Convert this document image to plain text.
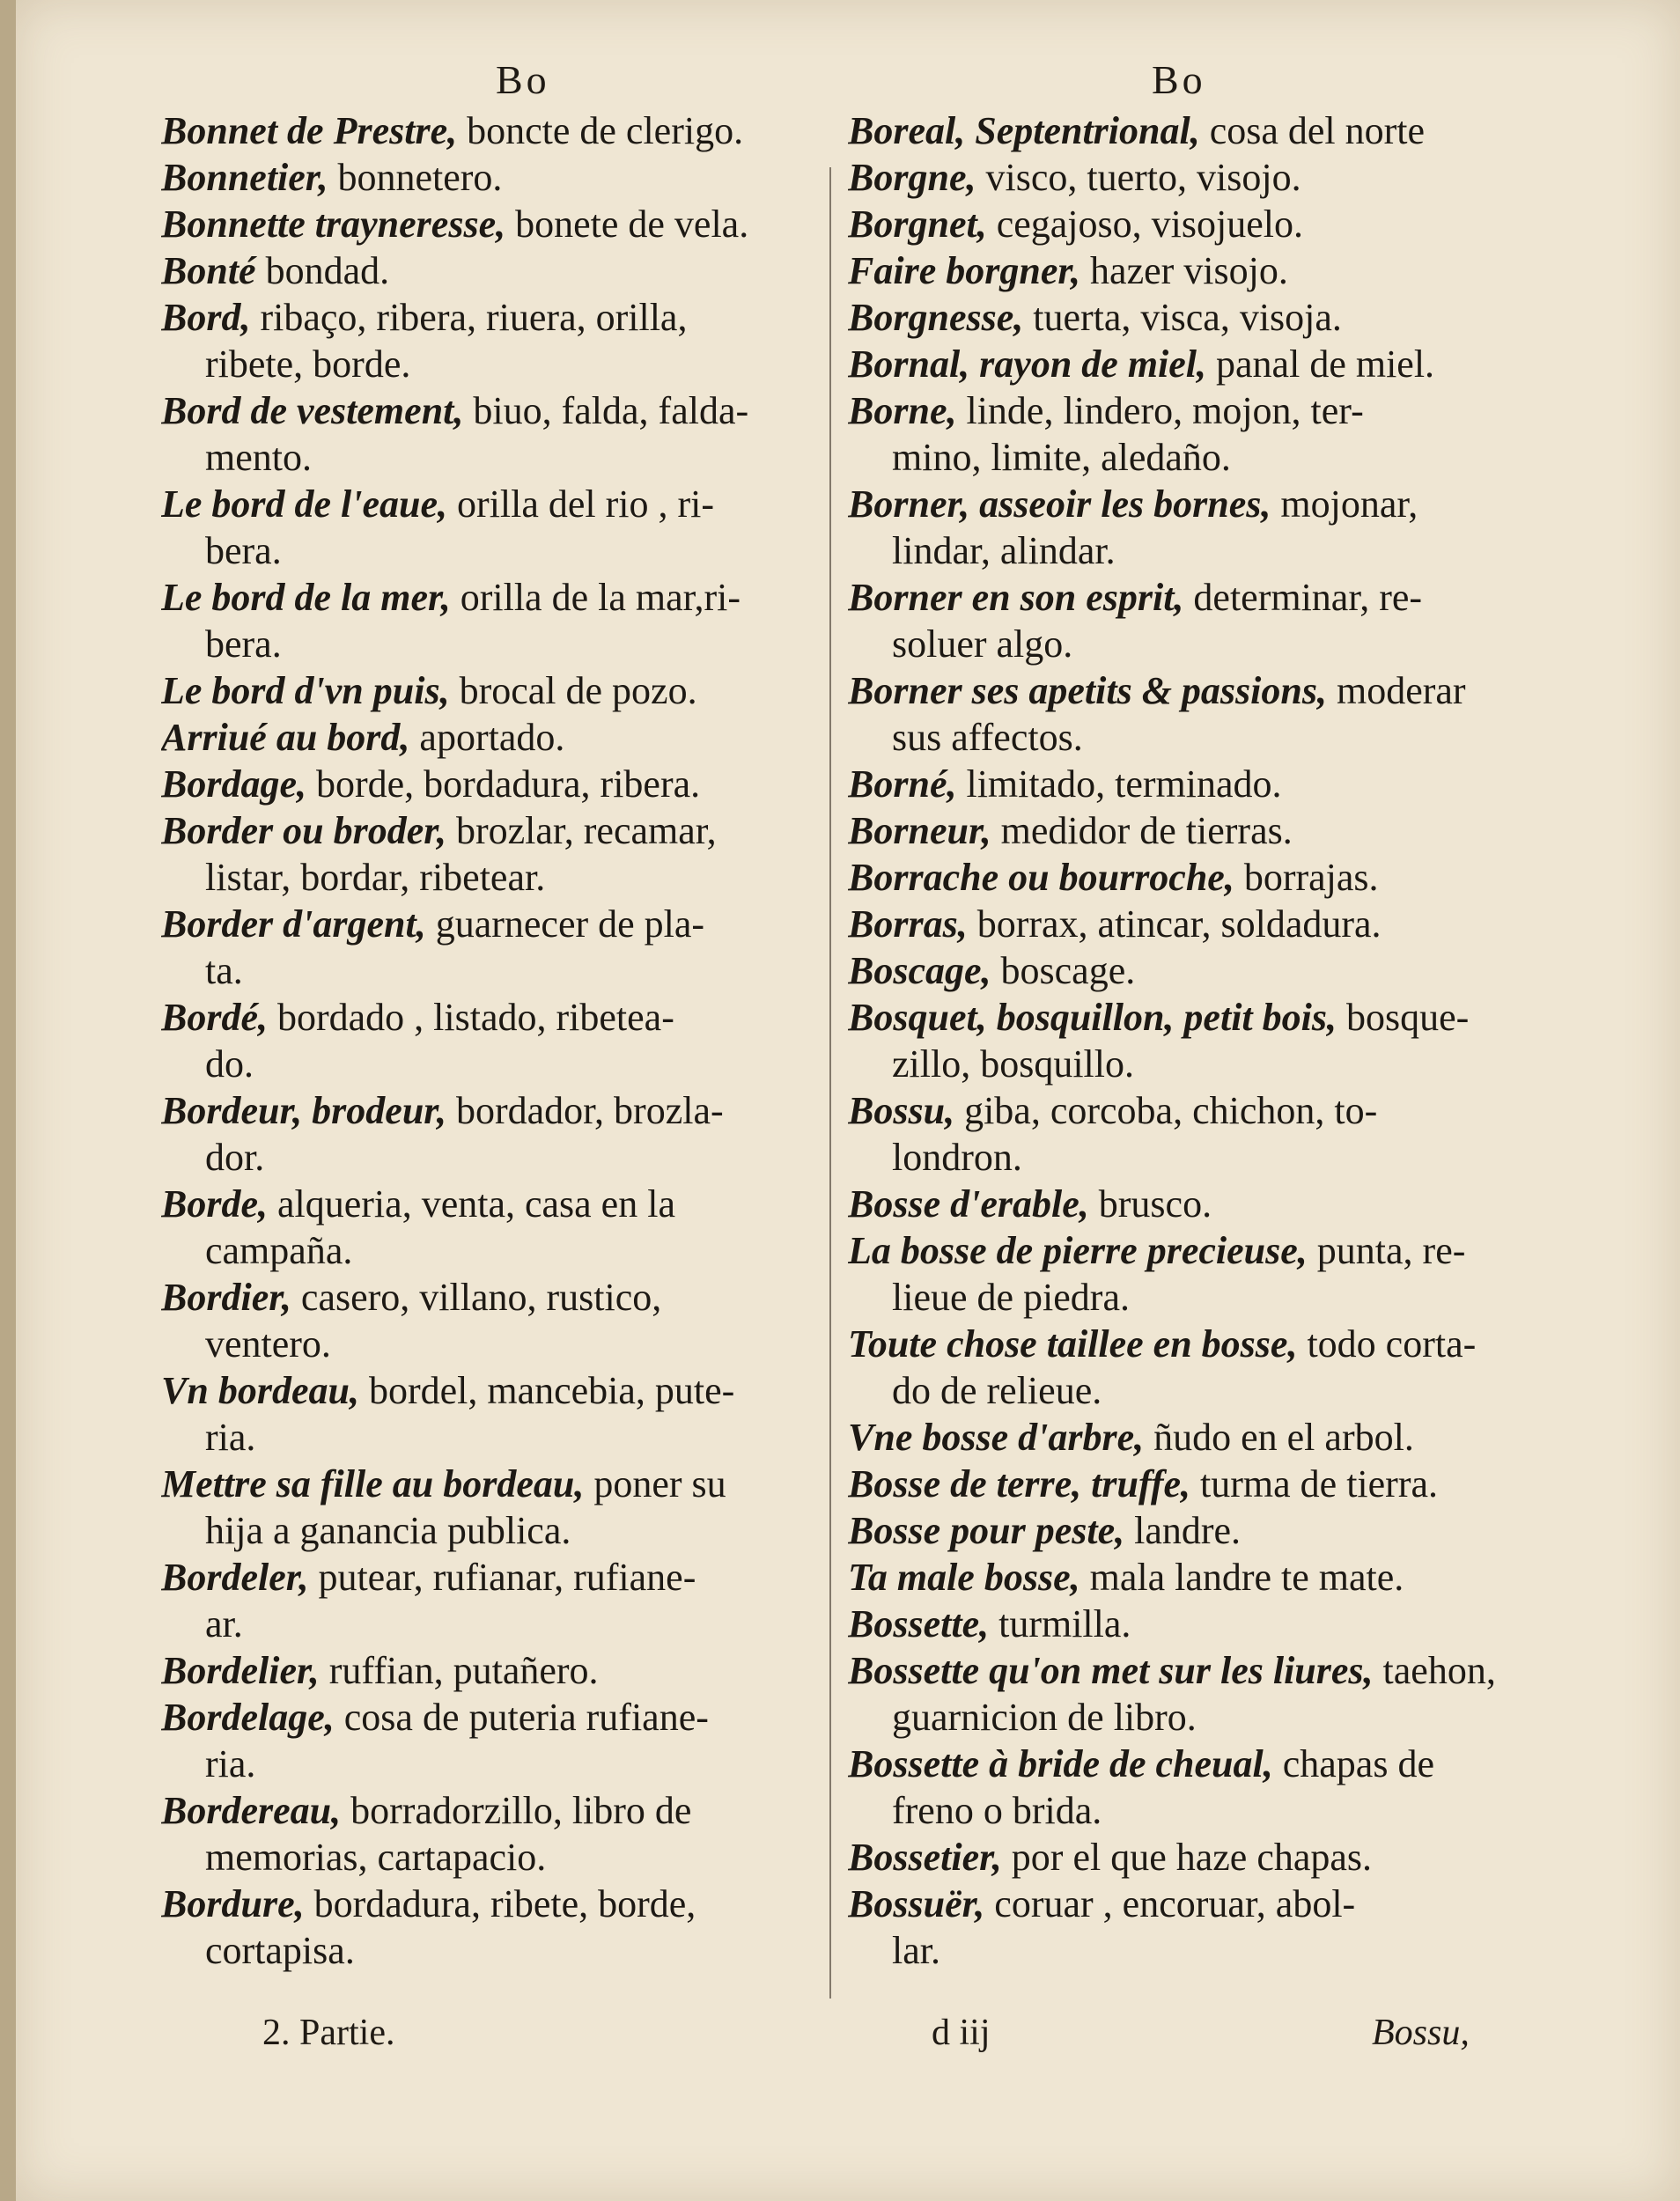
Bo	Bo
Bonnet de Prestre, boncte de clerigo.
Bonnetier, bonnetero.
Bonnette trayneresse, bonete de vela.
Bonté bondad.
Bord, ribaço, ribera, riuera, orilla,
ribete, borde.
Bord de vestement, biuo, falda, falda-
mento.
Le bord de l'eaue, orilla del rio , ri-
bera.
Le bord de la mer, orilla de la mar,ri-
bera.
Le bord d'vn puis, brocal de pozo.
Arriué au bord, aportado.
Bordage, borde, bordadura, ribera.
Border ou broder, brozlar, recamar,
listar, bordar, ribetear.
Border d'argent, guarnecer de pla-
ta.
Bordé, bordado , listado, ribetea-
do.
Bordeur, brodeur, bordador, brozla-
dor.
Borde, alqueria, venta, casa en la
campaña.
Bordier, casero, villano, rustico,
ventero.
Vn bordeau, bordel, mancebia, pute-
ria.
Mettre sa fille au bordeau, poner su
hija a ganancia publica.
Bordeler, putear, rufianar, rufiane-
ar.
Bordelier, ruffian, putañero.
Bordelage, cosa de puteria rufiane-
ria.
Bordereau, borradorzillo, libro de
memorias, cartapacio.
Bordure, bordadura, ribete, borde,
cortapisa.
Boreal, Septentrional, cosa del norte
Borgne, visco, tuerto, visojo.
Borgnet, cegajoso, visojuelo.
Faire borgner, hazer visojo.
Borgnesse, tuerta, visca, visoja.
Bornal, rayon de miel, panal de miel.
Borne, linde, lindero, mojon, ter-
mino, limite, aledaño.
Borner, asseoir les bornes, mojonar,
lindar, alindar.
Borner en son esprit, determinar, re-
soluer algo.
Borner ses apetits & passions, moderar
sus affectos.
Borné, limitado, terminado.
Borneur, medidor de tierras.
Borrache ou bourroche, borrajas.
Borras, borrax, atincar, soldadura.
Boscage, boscage.
Bosquet, bosquillon, petit bois, bosque-
zillo, bosquillo.
Bossu, giba, corcoba, chichon, to-
londron.
Bosse d'erable, brusco.
La bosse de pierre precieuse, punta, re-
lieue de piedra.
Toute chose taillee en bosse, todo corta-
do de relieue.
Vne bosse d'arbre, ñudo en el arbol.
Bosse de terre, truffe, turma de tierra.
Bosse pour peste, landre.
Ta male bosse, mala landre te mate.
Bossette, turmilla.
Bossette qu'on met sur les liures, taehon,
guarnicion de libro.
Bossette à bride de cheual, chapas de
freno o brida.
Bossetier, por el que haze chapas.
Bossuër, coruar , encoruar, abol-
lar.
2. Partie.	d iij	Bossu,
